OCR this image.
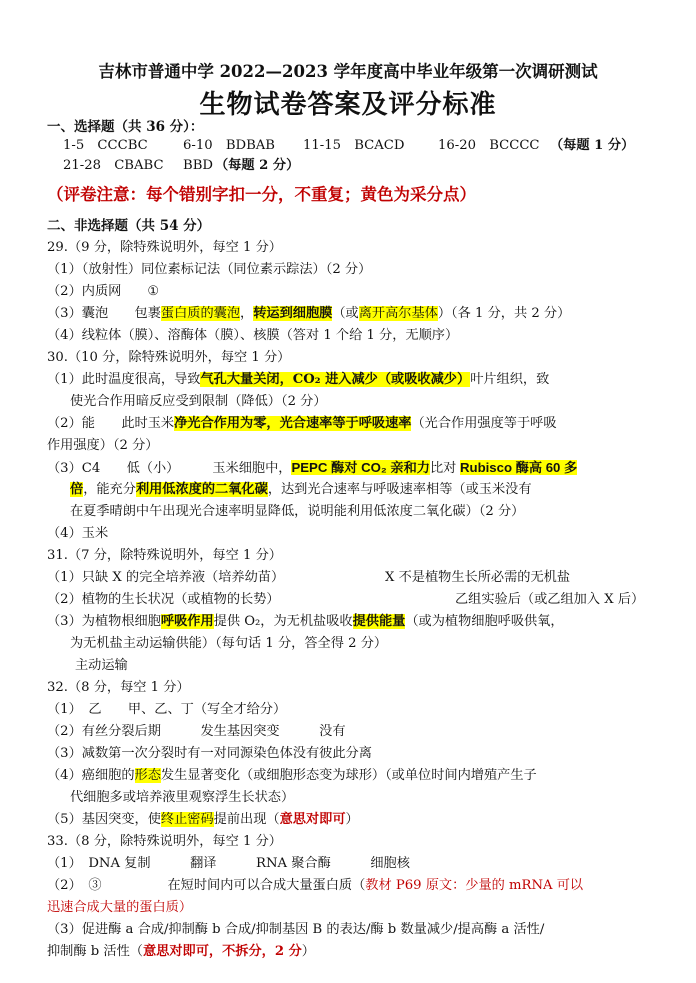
吉林市普通中学 2022—2023 学年度高中毕业年级第一次调研测试
生物试卷答案及评分标准
一、选择题（共 36 分）：
1-5　CCCBC	6-10　BDBAB 11-15　BCACD	16-20　BCCCC （每题 1 分）
21-28　CBABC BBD （每题 2 分）
（评卷注意：每个错别字扣一分，不重复；黄色为采分点）
二、非选择题（共 54 分）
29.（9 分，除特殊说明外，每空 1 分）
（1）（放射性）同位素标记法（同位素示踪法）（2 分）
（2）内质网 ①
（3）囊泡　　包裹蛋白质的囊泡，转运到细胞膜（或离开高尔基体）（各 1 分，共 2 分）
（4）线粒体（膜）、溶酶体（膜）、核膜（答对 1 个给 1 分，无顺序）
30.（10 分，除特殊说明外，每空 1 分）
（1）此时温度很高，导致气孔大量关闭，CO₂ 进入减少（或吸收减少）叶片组织，致
使光合作用暗反应受到限制（降低）（2 分）
（2）能　　此时玉米净光合作用为零，光合速率等于呼吸速率（光合作用强度等于呼吸
作用强度）（2 分）
（3）C4　　低（小）　　　玉米细胞中，PEPC 酶对 CO₂ 亲和力比对 Rubisco 酶高 60 多
倍，能充分利用低浓度的二氧化碳，达到光合速率与呼吸速率相等（或玉米没有
在夏季晴朗中午出现光合速率明显降低，说明能利用低浓度二氧化碳）（2 分）
（4）玉米
31.（7 分，除特殊说明外，每空 1 分）
（1）只缺 X 的完全培养液（培养幼苗）	X 不是植物生长所必需的无机盐
（2）植物的生长状况（或植物的长势）	乙组实验后（或乙组加入 X 后）
（3）为植物根细胞呼吸作用提供 O₂，为无机盐吸收提供能量（或为植物细胞呼吸供氧，
为无机盐主动运输供能）（每句话 1 分，答全得 2 分）
主动运输
32.（8 分，每空 1 分）
（1）　乙　　甲、乙、丁（写全才给分）
（2）有丝分裂后期　　　发生基因突变　　　没有
（3）减数第一次分裂时有一对同源染色体没有彼此分离
（4）癌细胞的形态发生显著变化（或细胞形态变为球形）（或单位时间内增殖产生子
代细胞多或培养液里观察浮生长状态）
（5）基因突变，使终止密码提前出现（意思对即可）
33.（8 分，除特殊说明外，每空 1 分）
（1）　DNA 复制　　　翻译　　　RNA 聚合酶　　　细胞核
（2）　③　　　　　在短时间内可以合成大量蛋白质（教材 P69 原文：少量的 mRNA 可以
迅速合成大量的蛋白质）
（3）促进酶 a 合成/抑制酶 b 合成/抑制基因 B 的表达/酶 b 数量减少/提高酶 a 活性/
抑制酶 b 活性（意思对即可，不拆分，2 分）
